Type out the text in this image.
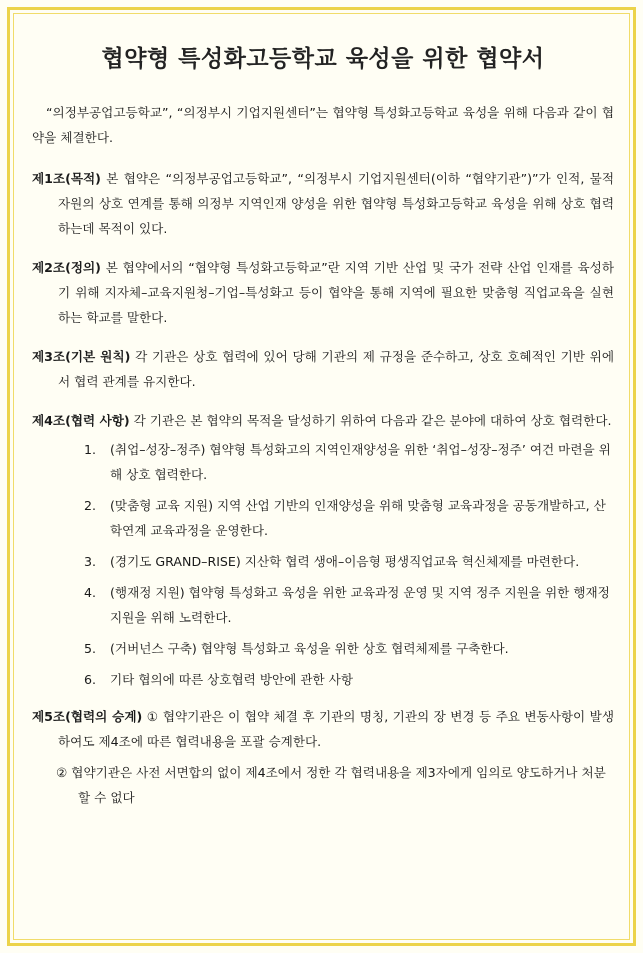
협약형 특성화고등학교 육성을 위한 협약서

“의정부공업고등학교”, “의정부시 기업지원센터”는 협약형 특성화고등학교 육성을 위해 다음과 같이 협약을 체결한다.

제1조(목적) 본 협약은 “의정부공업고등학교”, “의정부시 기업지원센터(이하 “협약기관”)”가 인적, 물적 자원의 상호 연계를 통해 의정부 지역인재 양성을 위한 협약형 특성화고등학교 육성을 위해 상호 협력하는데 목적이 있다.

제2조(정의) 본 협약에서의 “협약형 특성화고등학교”란 지역 기반 산업 및 국가 전략 산업 인재를 육성하기 위해 지자체–교육지원청–기업–특성화고 등이 협약을 통해 지역에 필요한 맞춤형 직업교육을 실현하는 학교를 말한다.

제3조(기본 원칙) 각 기관은 상호 협력에 있어 당해 기관의 제 규정을 준수하고, 상호 호혜적인 기반 위에서 협력 관계를 유지한다.

제4조(협력 사항) 각 기관은 본 협약의 목적을 달성하기 위하여 다음과 같은 분야에 대하여 상호 협력한다.

1. (취업–성장–정주) 협약형 특성화고의 지역인재양성을 위한 ‘취업–성장–정주’ 여건 마련을 위해 상호 협력한다.
2. (맞춤형 교육 지원) 지역 산업 기반의 인재양성을 위해 맞춤형 교육과정을 공동개발하고, 산학연계 교육과정을 운영한다.
3. (경기도 GRAND–RISE) 지산학 협력 생애–이음형 평생직업교육 혁신체제를 마련한다.
4. (행재정 지원) 협약형 특성화고 육성을 위한 교육과정 운영 및 지역 정주 지원을 위한 행재정 지원을 위해 노력한다.
5. (거버넌스 구축) 협약형 특성화고 육성을 위한 상호 협력체제를 구축한다.
6. 기타 협의에 따른 상호협력 방안에 관한 사항

제5조(협력의 승계) ① 협약기관은 이 협약 체결 후 기관의 명칭, 기관의 장 변경 등 주요 변동사항이 발생하여도 제4조에 따른 협력내용을 포괄 승계한다.

② 협약기관은 사전 서면합의 없이 제4조에서 정한 각 협력내용을 제3자에게 임의로 양도하거나 처분할 수 없다
